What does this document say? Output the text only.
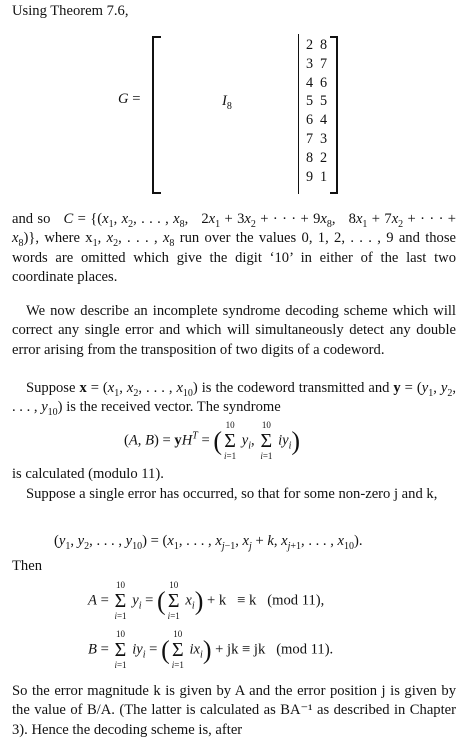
Using Theorem 7.6,

G =	$I_8$
2
3
4
5
6
7
8
9
8
7
6
5
4
3
2
1

and so $C = \{(x_1$, $x_2$, . . . , $x_8$,   $2x_1 + 3x_2$ + · · · + $9x_8$,   $8x_1 + 7x_2$ + · · · + $x_8$)}, where $x_1$, $x_2$, . . . , $x_8$ run over the values 0, 1, 2, . . . , 9 and those words are omitted which give the digit ‘10’ in either of the last two coordinate places.

We now describe an incomplete syndrome decoding scheme which will correct any single error and which will simultaneously detect any double error arising from the transposition of two digits of a codeword.

Suppose $x = (x_1$, $x_2$, . . . , $x_{10}$) is the codeword transmitted and $y = (y_1$, $y_2$, . . . , $y_{10}$) is the received vector. The syndrome

(A, $B) = yH^T$ = (
10
Σ
i=1
$y_i$,
10
Σ
i=1
$iy_i$)

is calculated (modulo 11).

Suppose a single error has occurred, so that for some non-zero j and k,

($y_1$, $y_2$, . . . , $y_{10}) = (x_1$, . . . , $x_{j-1}$, $x_j + k$, $x_{j+1}$, . . . , $x_{10}$).

Then

A =
10
Σ
i=1
$y_i$ = (
10
Σ
i=1
$x_i) + k \equiv k$   (mod 11),
B =
10
Σ
i=1
$iy_i$ = (
10
Σ
i=1
$ix_i$) + jk ≡ jk   (mod 11).

So the error magnitude k is given by A and the error position j is given by the value of B/A. (The latter is calculated as BA⁻¹ as described in Chapter 3). Hence the decoding scheme is, after
